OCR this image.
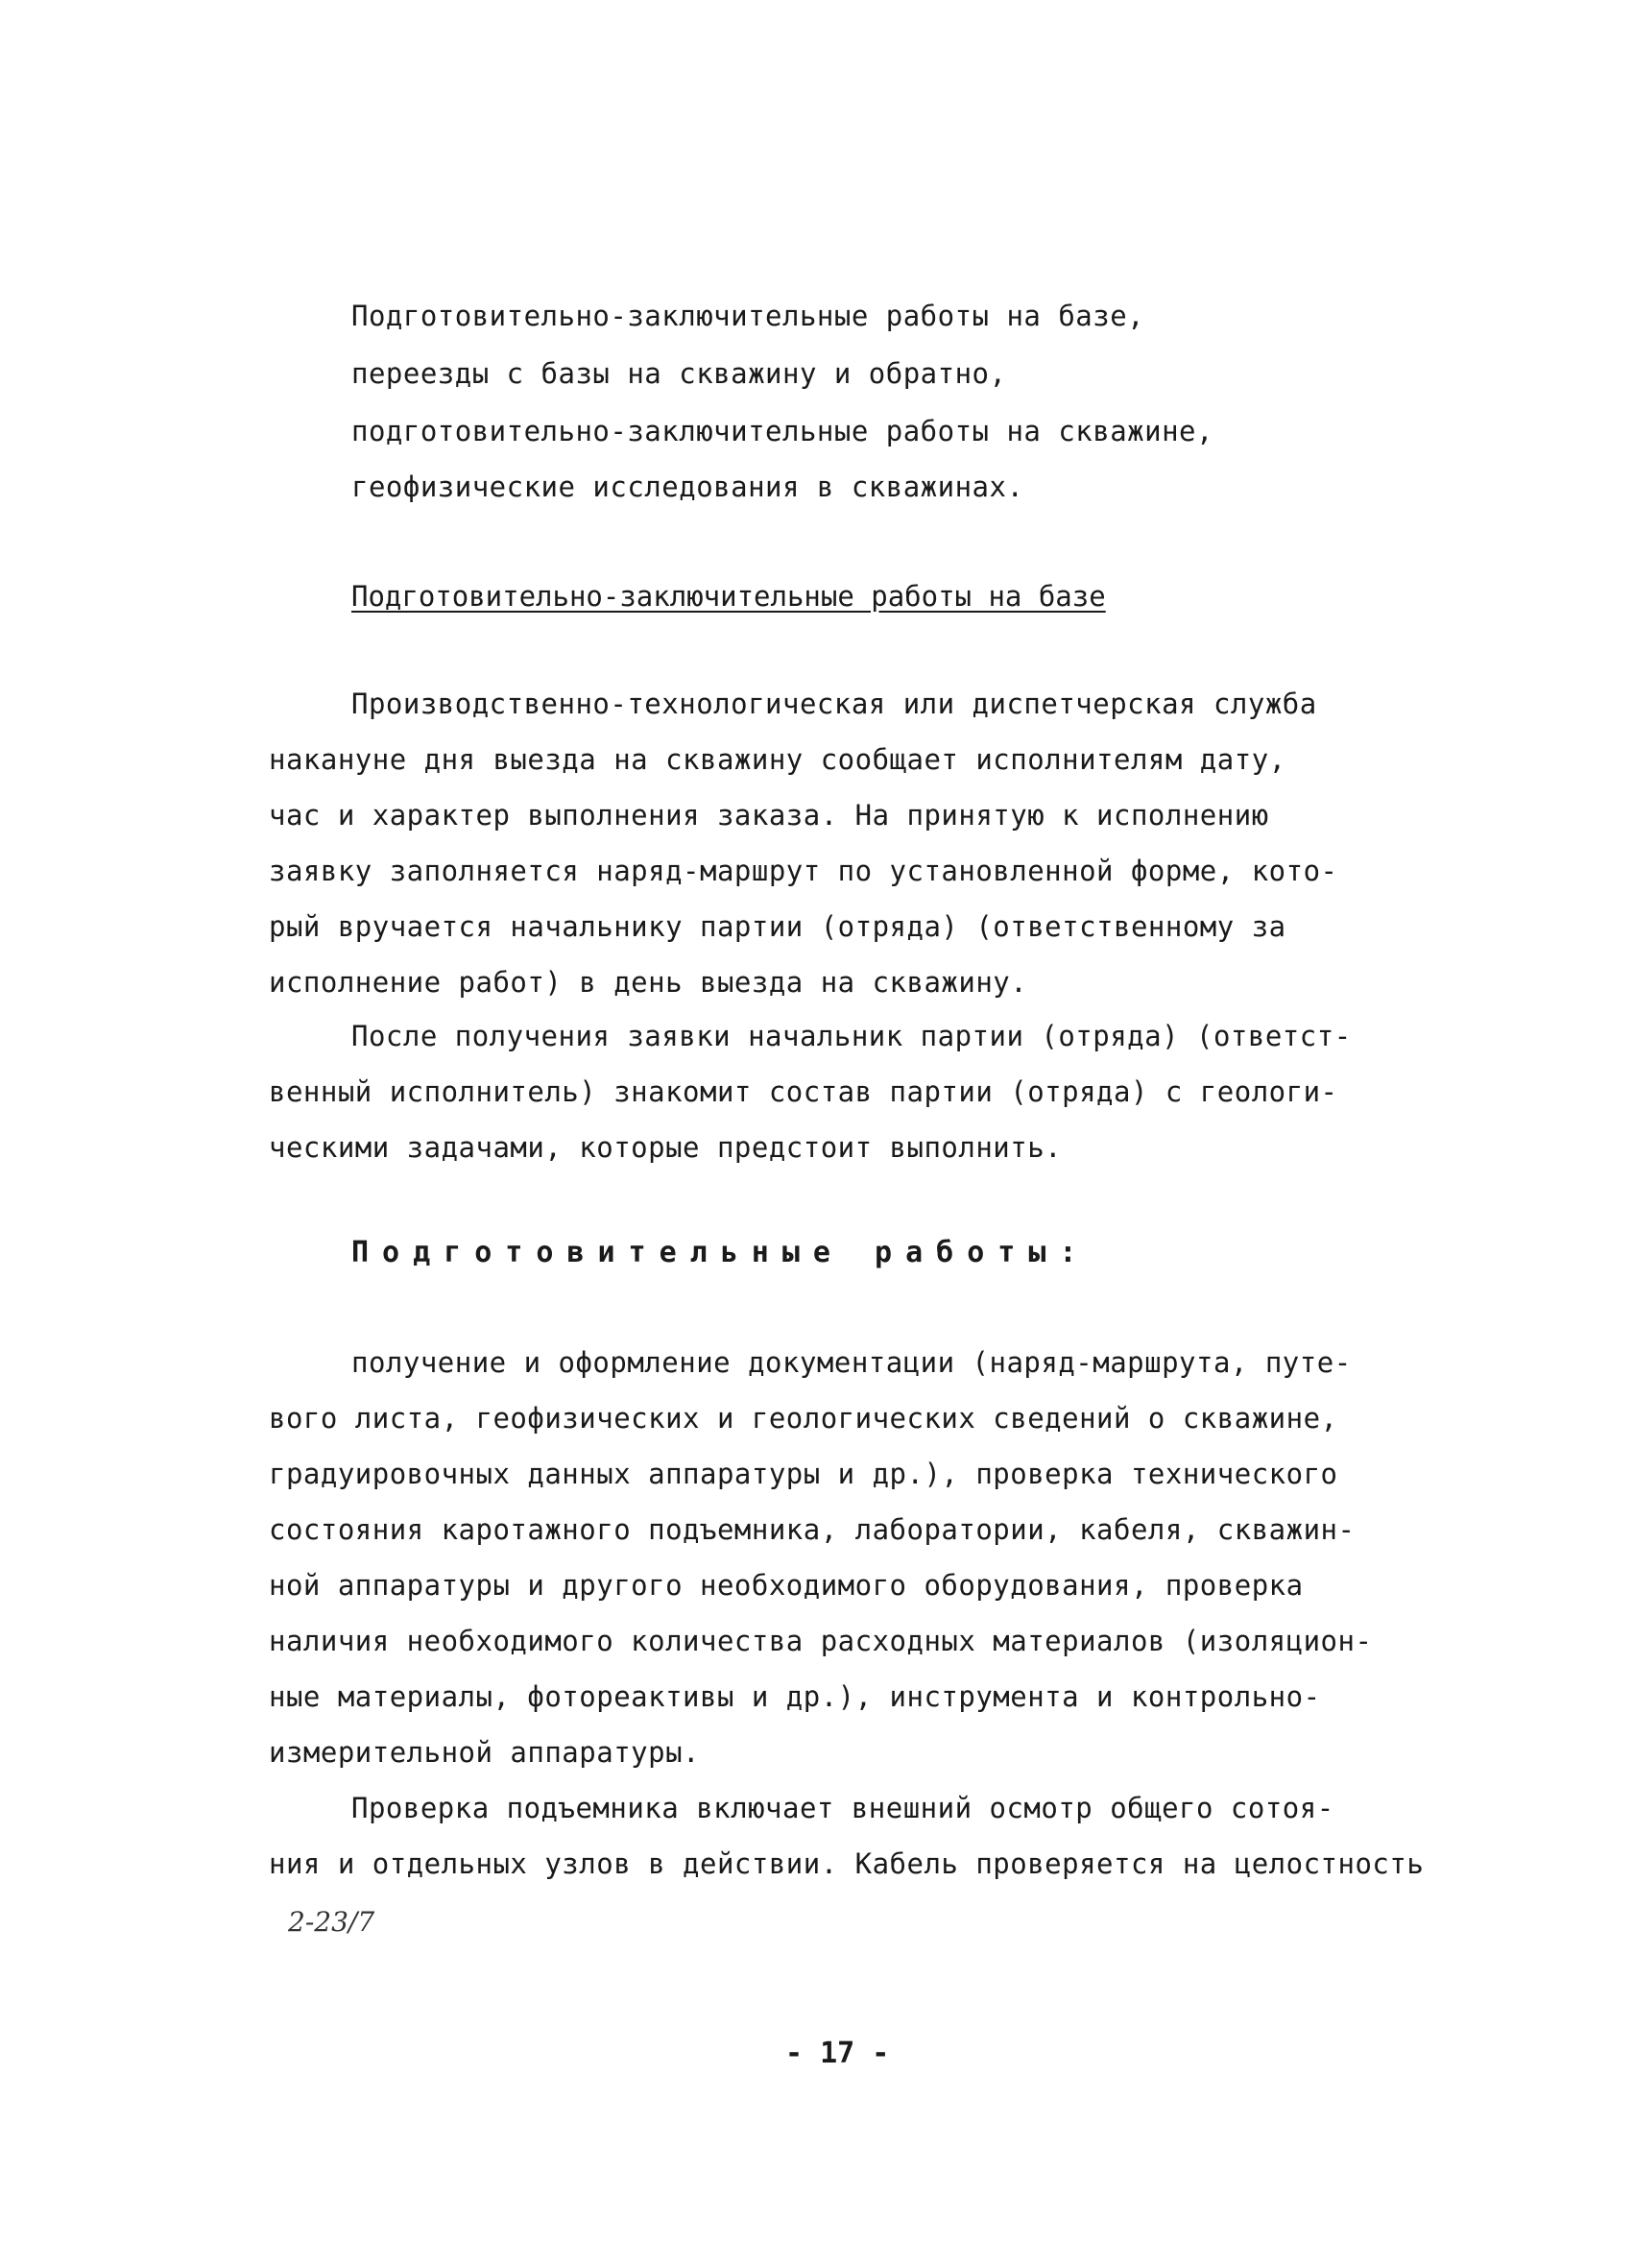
Подготовительно-заключительные работы на базе,
переезды с базы на скважину и обратно,
подготовительно-заключительные работы на скважине,
геофизические исследования в скважинах.
Подготовительно-заключительные работы на базе
Производственно-технологическая или диспетчерская служба
накануне дня выезда на скважину сообщает исполнителям дату,
час и характер выполнения заказа. На принятую к исполнению
заявку заполняется наряд-маршрут по установленной форме, кото-
рый вручается начальнику партии (отряда) (ответственному за
исполнение работ) в день выезда на скважину.
После получения заявки начальник партии (отряда) (ответст-
венный исполнитель) знакомит состав партии (отряда) с геологи-
ческими задачами, которые предстоит выполнить.
Подготовительные работы:
получение и оформление документации (наряд-маршрута, путе-
вого листа, геофизических и геологических сведений о скважине,
градуировочных данных аппаратуры и др.), проверка технического
состояния каротажного подъемника, лаборатории, кабеля, скважин-
ной аппаратуры и другого необходимого оборудования, проверка
наличия необходимого количества расходных материалов (изоляцион-
ные материалы, фотореактивы и др.), инструмента и контрольно-
измерительной аппаратуры.
Проверка подъемника включает внешний осмотр общего сотоя-
ния и отдельных узлов в действии. Кабель проверяется на целостность
2-23/7
- 17 -
